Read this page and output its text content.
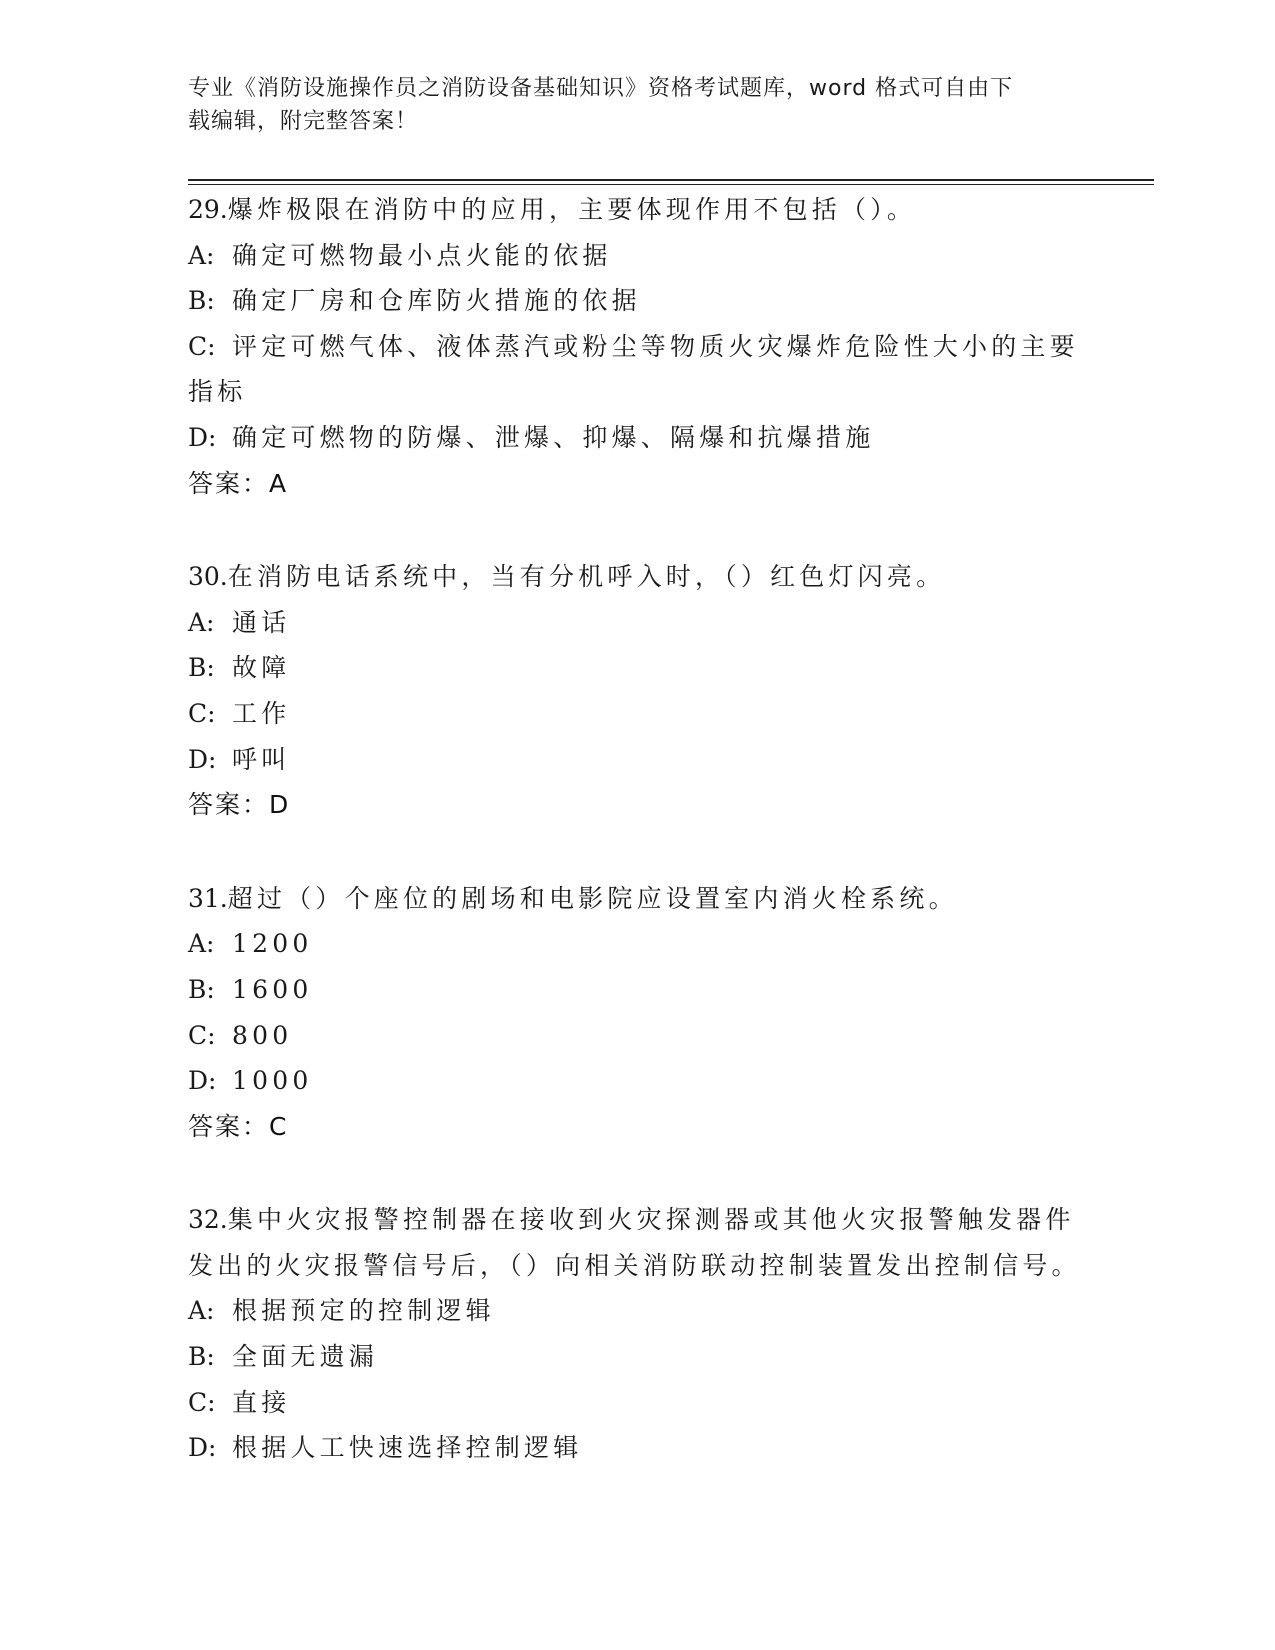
专业《消防设施操作员之消防设备基础知识》资格考试题库，word 格式可自由下
载编辑，附完整答案！
29.爆炸极限在消防中的应用，主要体现作用不包括（）。
A: 确定可燃物最小点火能的依据
B: 确定厂房和仓库防火措施的依据
C: 评定可燃气体、液体蒸汽或粉尘等物质火灾爆炸危险性大小的主要指标
D: 确定可燃物的防爆、泄爆、抑爆、隔爆和抗爆措施
答案：A
30.在消防电话系统中，当有分机呼入时，（）红色灯闪亮。
A: 通话
B: 故障
C: 工作
D: 呼叫
答案：D
31.超过（）个座位的剧场和电影院应设置室内消火栓系统。
A: 1200
B: 1600
C: 800
D: 1000
答案：C
32.集中火灾报警控制器在接收到火灾探测器或其他火灾报警触发器件发出的火灾报警信号后，（）向相关消防联动控制装置发出控制信号。
A: 根据预定的控制逻辑
B: 全面无遗漏
C: 直接
D: 根据人工快速选择控制逻辑
